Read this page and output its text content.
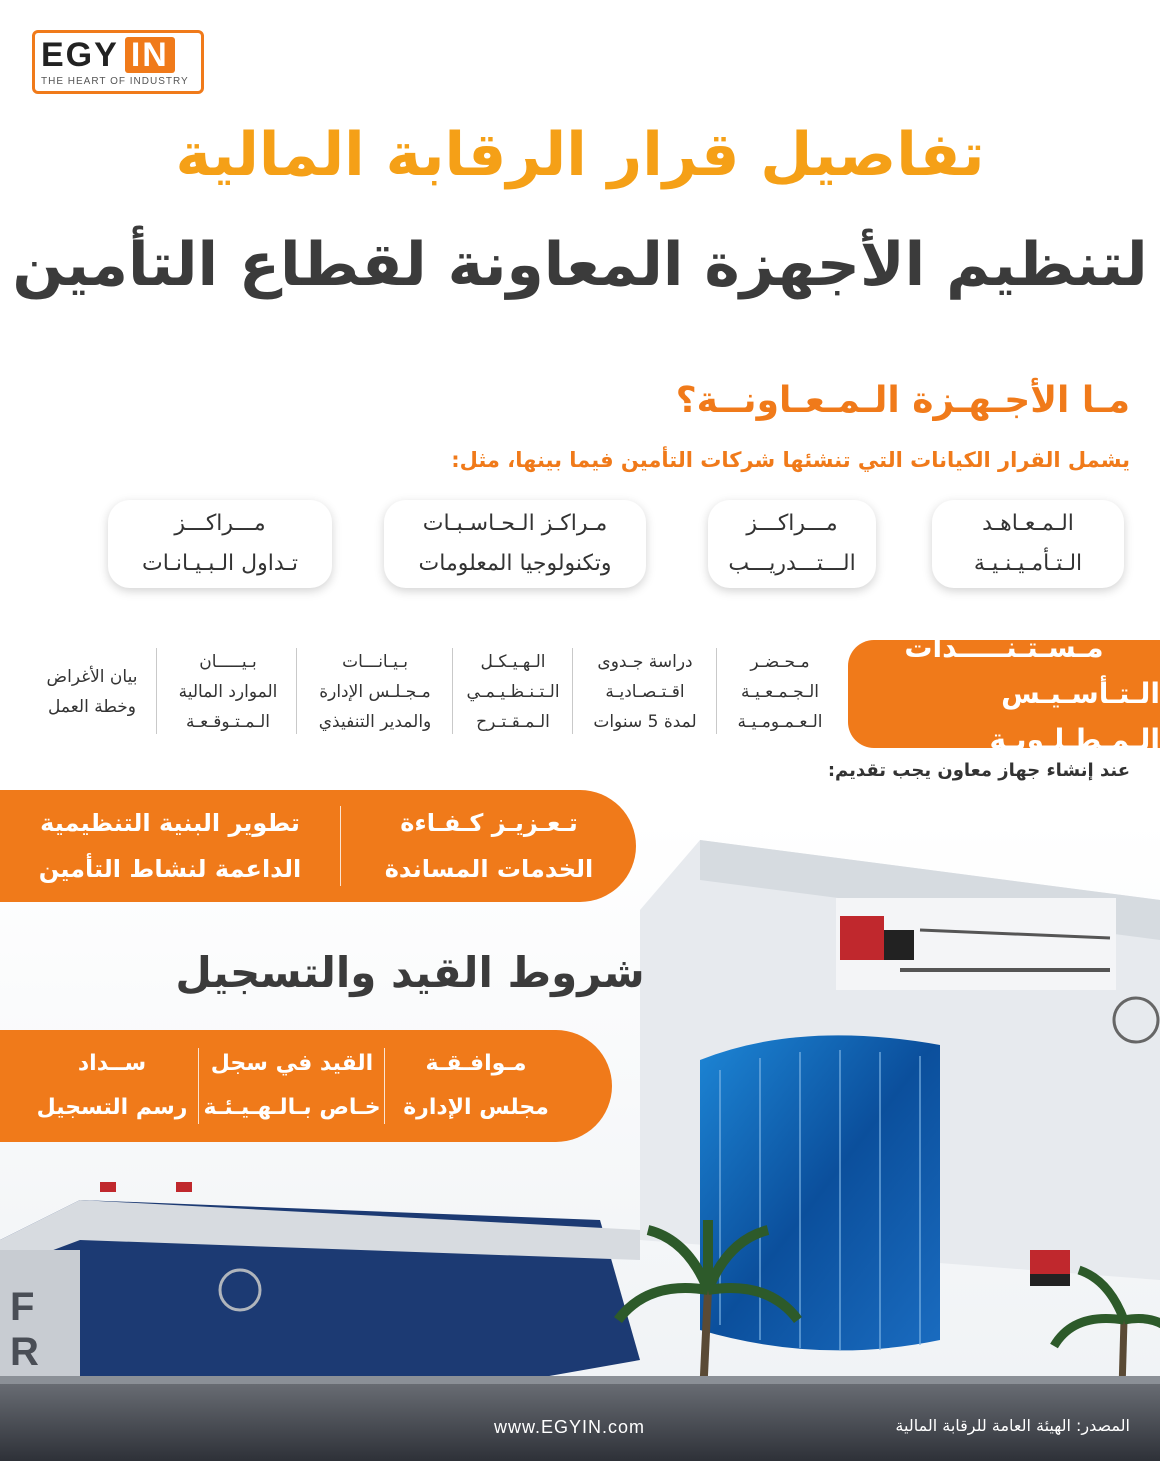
EGY IN
THE HEART OF INDUSTRY
تفاصيل قرار الرقابة المالية
لتنظيم الأجهزة المعاونة لقطاع التأمين
مـا الأجـهـزة الـمـعـاونــة؟
يشمل القرار الكيانات التي تنشئها شركات التأمين فيما بينها، مثل:
الـمـعـاهـد
الـتـأمـيـنـيـة
مـــراكـــز
الـــتـــدريـــب
مـراكـز الـحـاسـبـات
وتكنولوجيا المعلومات
مـــراكـــز
تـداول الـبـيـانـات
مـسـتـنـــــدات
الـتـأسـيـس الـمـطـلـوبـة
مـحـضـر
الـجـمـعـيـة
الـعـمـومـيـة
دراسة جـدوى
اقـتـصـاديـة
لمدة 5 سنوات
الـهـيـكـل
الـتـنـظـيـمـي
الـمـقـتـرح
بـيـانـــات
مـجـلـس الإدارة
والمدير التنفيذي
بـيـــــان
الموارد المالية
الـمـتـوقـعـة
بيان الأغراض
وخطة العمل
عند إنشاء جهاز معاون يجب تقديم:
F
R
تـعـزيـز كـفـاءة
الخدمات المساندة
تطوير البنية التنظيمية
الداعمة لنشاط التأمين
شروط القيد والتسجيل
مـوافـقـة
مجلس الإدارة
القيد في سجل
خـاص بـالـهـيـئـة
ســداد
رسم التسجيل
www.EGYIN.com	المصدر: الهيئة العامة للرقابة المالية
